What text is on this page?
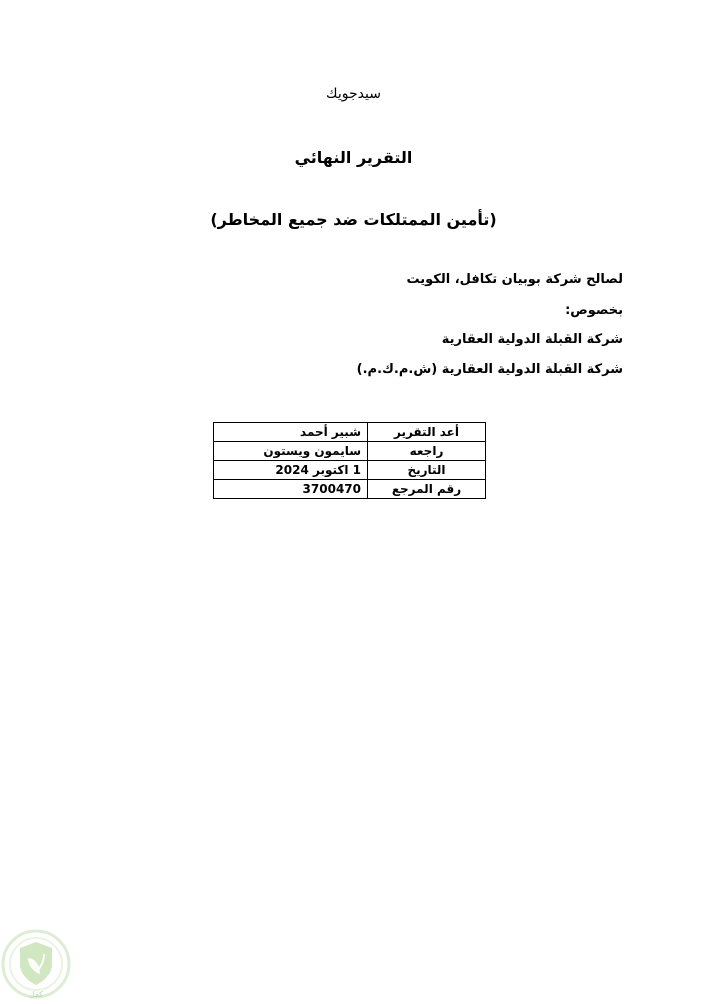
سيدجويك
التقرير النهائي
(تأمين الممتلكات ضد جميع المخاطر)
لصالح شركة بوبيان تكافل، الكويت
بخصوص:
شركة القبلة الدولية العقارية
شركة القبلة الدولية العقارية (ش.م.ك.م.)
أعد التقرير	شبير أحمد
راجعه	سايمون ويستون
التاريخ	1 اكتوبر 2024
رقم المرجع	3700470
كفل
